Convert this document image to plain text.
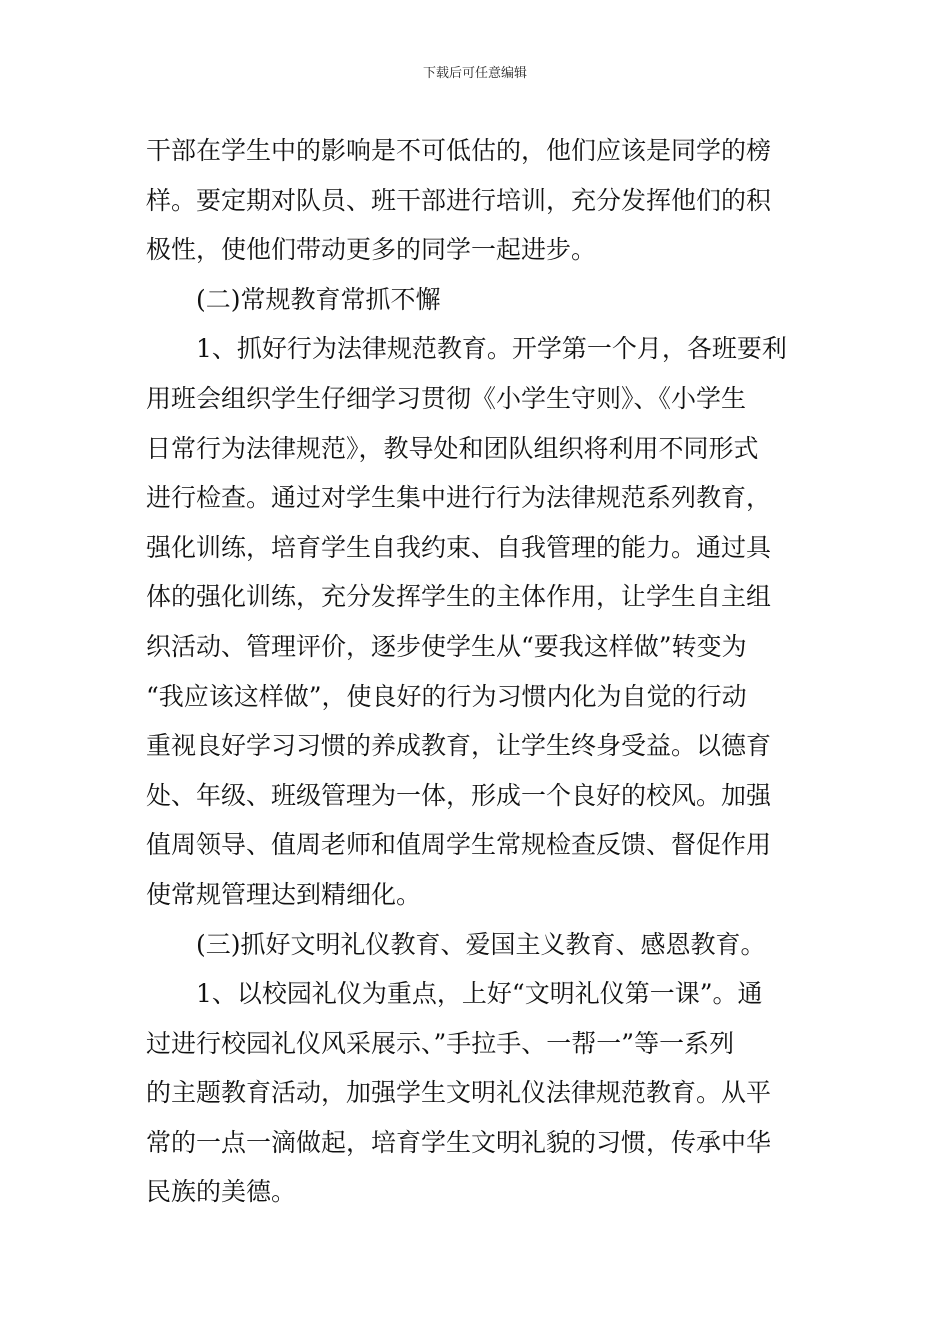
下载后可任意编辑
干部在学生中的影响是不可低估的，他们应该是同学的榜
样。要定期对队员、班干部进行培训，充分发挥他们的积
极性，使他们带动更多的同学一起进步。
(二)常规教育常抓不懈
1、抓好行为法律规范教育。开学第一个月，各班要利
用班会组织学生仔细学习贯彻《小学生守则》、《小学生
日常行为法律规范》，教导处和团队组织将利用不同形式
进行检查。通过对学生集中进行行为法律规范系列教育，
强化训练，培育学生自我约束、自我管理的能力。通过具
体的强化训练，充分发挥学生的主体作用，让学生自主组
织活动、管理评价，逐步使学生从“要我这样做”转变为
“我应该这样做”，使良好的行为习惯内化为自觉的行动
重视良好学习习惯的养成教育，让学生终身受益。以德育
处、年级、班级管理为一体，形成一个良好的校风。加强
值周领导、值周老师和值周学生常规检查反馈、督促作用
使常规管理达到精细化。
(三)抓好文明礼仪教育、爱国主义教育、感恩教育。
1、以校园礼仪为重点，上好“文明礼仪第一课”。通
过进行校园礼仪风采展示、”手拉手、一帮一”等一系列
的主题教育活动，加强学生文明礼仪法律规范教育。从平
常的一点一滴做起，培育学生文明礼貌的习惯，传承中华
民族的美德。
